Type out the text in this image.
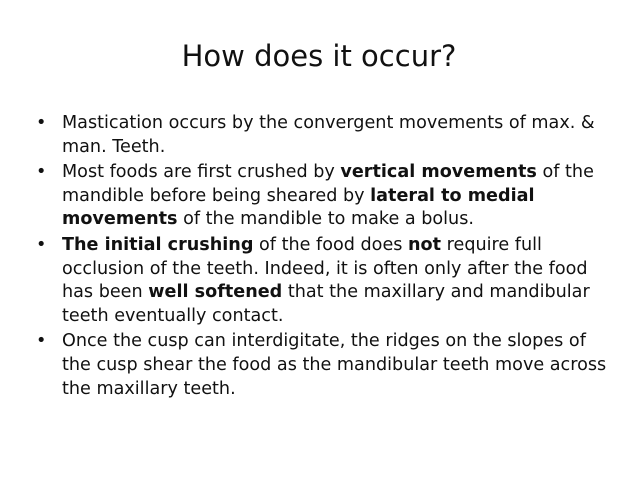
How does it occur?
• Mastication occurs by the convergent movements of max. & man. Teeth.
• Most foods are first crushed by vertical movements of the mandible before being sheared by lateral to medial movements of the mandible to make a bolus.
• The initial crushing of the food does not require full occlusion of the teeth. Indeed, it is often only after the food has been well softened that the maxillary and mandibular teeth eventually contact.
• Once the cusp can interdigitate, the ridges on the slopes of the cusp shear the food as the mandibular teeth move across the maxillary teeth.
